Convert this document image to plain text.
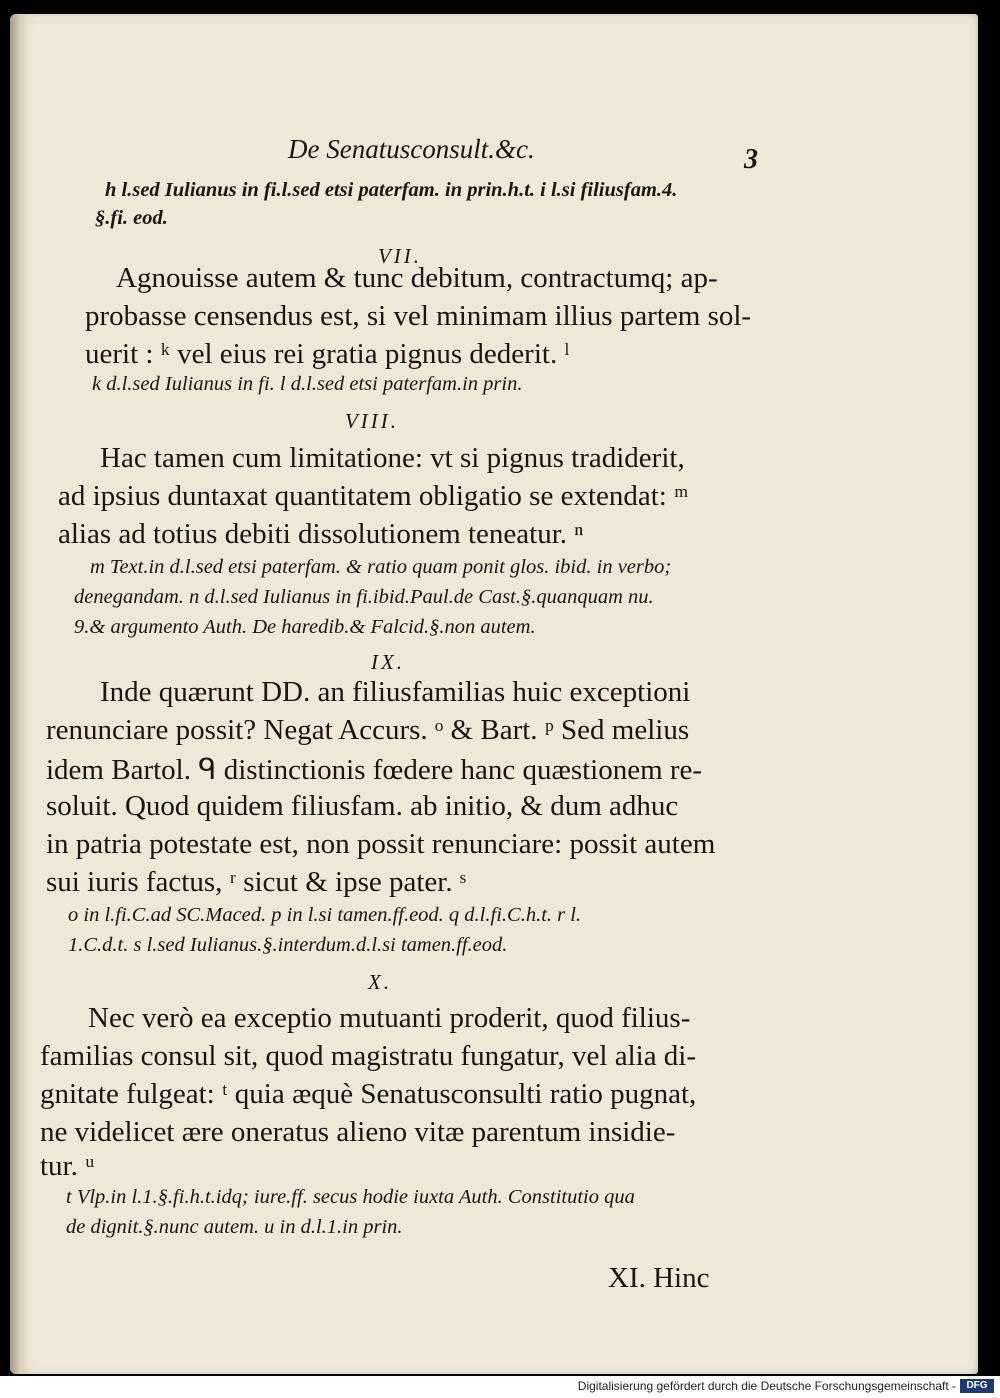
De Senatusconsult.&c.	3
h l.sed Iulianus in fi.l.sed etsi paterfam. in prin.h.t. i l.si filiusfam.4.
§.fi. eod.
VII.
Agnouisse autem & tunc debitum, contractumq; ap-
probasse censendus est, si vel minimam illius partem sol-
uerit : ᵏ vel eius rei gratia pignus dederit. ˡ
k d.l.sed Iulianus in fi. l d.l.sed etsi paterfam.in prin.
VIII.
Hac tamen cum limitatione: vt si pignus tradiderit,
ad ipsius duntaxat quantitatem obligatio se extendat: ᵐ
alias ad totius debiti dissolutionem teneatur. ⁿ
m Text.in d.l.sed etsi paterfam. & ratio quam ponit glos. ibid. in verbo;
denegandam. n d.l.sed Iulianus in fi.ibid.Paul.de Cast.§.quanquam nu.
9.& argumento Auth. De haredib.& Falcid.§.non autem.
IX.
Inde quærunt DD. an filiusfamilias huic exceptioni
renunciare possit? Negat Accurs. ᵒ & Bart. ᵖ Sed melius
idem Bartol. ᑫ distinctionis fœdere hanc quæstionem re-
soluit. Quod quidem filiusfam. ab initio, & dum adhuc
in patria potestate est, non possit renunciare: possit autem
sui iuris factus, ʳ sicut & ipse pater. ˢ
o in l.fi.C.ad SC.Maced. p in l.si tamen.ff.eod. q d.l.fi.C.h.t. r l.
1.C.d.t. s l.sed Iulianus.§.interdum.d.l.si tamen.ff.eod.
X.
Nec verò ea exceptio mutuanti proderit, quod filius-
familias consul sit, quod magistratu fungatur, vel alia di-
gnitate fulgeat: ᵗ quia æquè Senatusconsulti ratio pugnat,
ne videlicet ære oneratus alieno vitæ parentum insidie-
tur. ᵘ
t Vlp.in l.1.§.fi.h.t.idq; iure.ff. secus hodie iuxta Auth. Constitutio qua
de dignit.§.nunc autem. u in d.l.1.in prin.
XI. Hinc
Digitalisierung gefördert durch die Deutsche Forschungsgemeinschaft -	DFG
